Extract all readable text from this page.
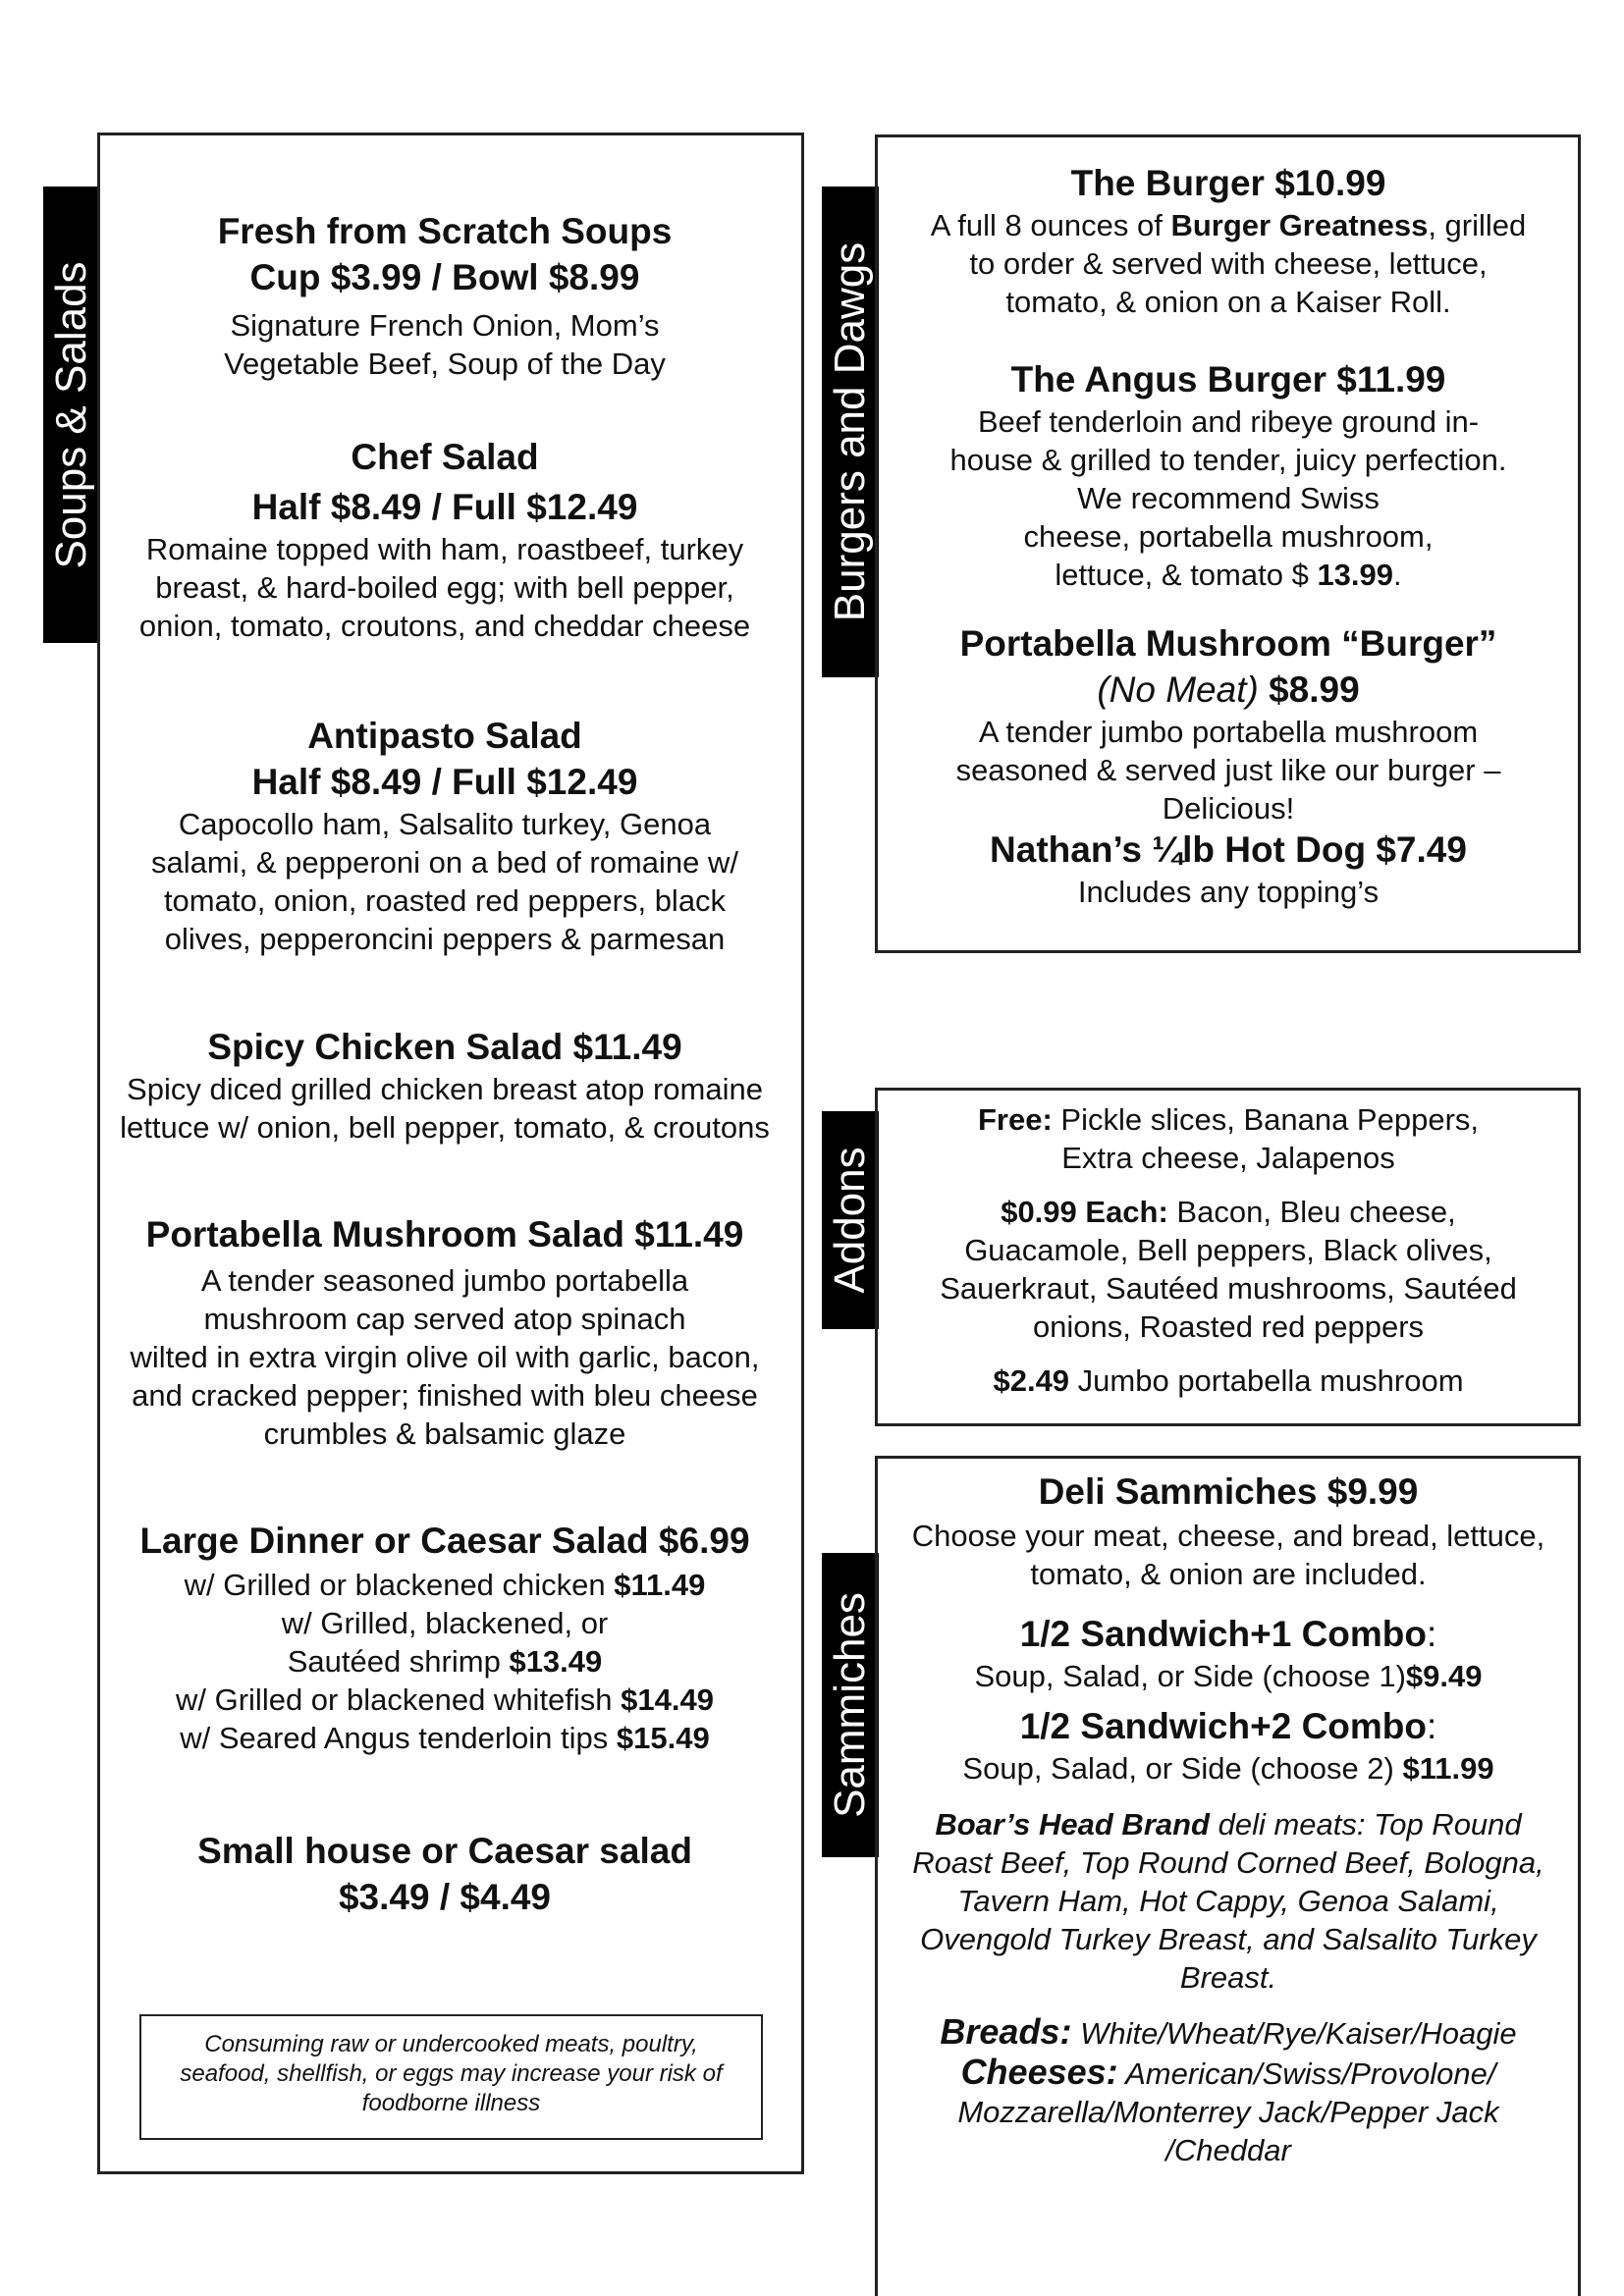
Soups & Salads
Fresh from Scratch Soups
Cup $3.99 / Bowl $8.99
Signature French Onion, Mom’s
Vegetable Beef, Soup of the Day
Chef Salad
Half $8.49 / Full $12.49
Romaine topped with ham, roastbeef, turkey
breast, & hard-boiled egg; with bell pepper,
onion, tomato, croutons, and cheddar cheese
Antipasto Salad
Half $8.49 / Full $12.49
Capocollo ham, Salsalito turkey, Genoa
salami, & pepperoni on a bed of romaine w/
tomato, onion, roasted red peppers, black
olives, pepperoncini peppers & parmesan
Spicy Chicken Salad $11.49
Spicy diced grilled chicken breast atop romaine
lettuce w/ onion, bell pepper, tomato, & croutons
Portabella Mushroom Salad $11.49
A tender seasoned jumbo portabella
mushroom cap served atop spinach
wilted in extra virgin olive oil with garlic, bacon,
and cracked pepper; finished with bleu cheese
crumbles & balsamic glaze
Large Dinner or Caesar Salad $6.99
w/ Grilled or blackened chicken $11.49
w/ Grilled, blackened, or
Sautéed shrimp $13.49
w/ Grilled or blackened whitefish $14.49
w/ Seared Angus tenderloin tips $15.49
Small house or Caesar salad
$3.49 / $4.49
Consuming raw or undercooked meats, poultry,
seafood, shellfish, or eggs may increase your risk of
foodborne illness
Burgers and Dawgs
The Burger $10.99
A full 8 ounces of Burger Greatness, grilled
to order & served with cheese, lettuce,
tomato, & onion on a Kaiser Roll.
The Angus Burger $11.99
Beef tenderloin and ribeye ground in-
house & grilled to tender, juicy perfection.
We recommend Swiss
cheese, portabella mushroom,
lettuce, & tomato $ 13.99.
Portabella Mushroom “Burger”
(No Meat) $8.99
A tender jumbo portabella mushroom
seasoned & served just like our burger –
Delicious!
Nathan’s ¼lb Hot Dog $7.49
Includes any topping’s
Addons
Free: Pickle slices, Banana Peppers,
Extra cheese, Jalapenos
$0.99 Each: Bacon, Bleu cheese,
Guacamole, Bell peppers, Black olives,
Sauerkraut, Sautéed mushrooms, Sautéed
onions, Roasted red peppers
$2.49 Jumbo portabella mushroom
Sammiches
Deli Sammiches $9.99
Choose your meat, cheese, and bread, lettuce,
tomato, & onion are included.
1/2 Sandwich+1 Combo:
Soup, Salad, or Side (choose 1)$9.49
1/2 Sandwich+2 Combo:
Soup, Salad, or Side (choose 2) $11.99
Boar’s Head Brand deli meats: Top Round
Roast Beef, Top Round Corned Beef, Bologna,
Tavern Ham, Hot Cappy, Genoa Salami,
Ovengold Turkey Breast, and Salsalito Turkey
Breast.
Breads: White/Wheat/Rye/Kaiser/Hoagie
Cheeses: American/Swiss/Provolone/
Mozzarella/Monterrey Jack/Pepper Jack
/Cheddar
